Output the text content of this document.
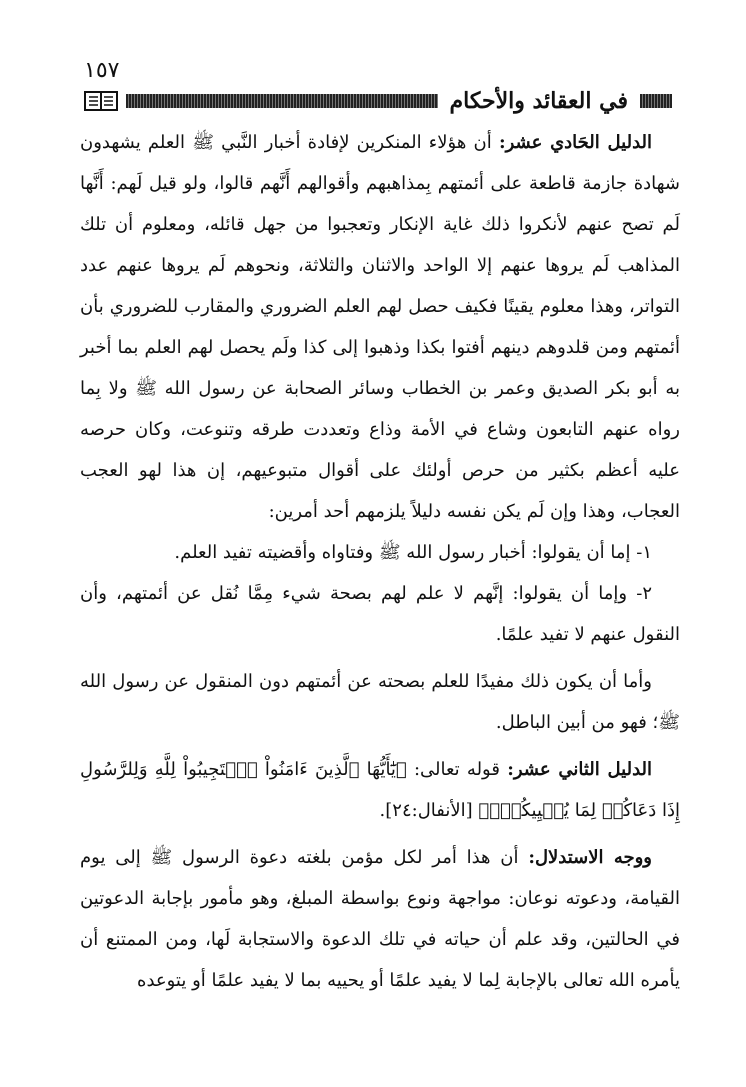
١٥٧
ﻓﻲ العقائد والأحكام

الدليل الحَادي عشر: أن هؤلاء المنكرين لإفادة أخبار النَّبي ﷺ العلم يشهدون شهادة جازمة قاطعة على أئمتهم بِمذاهبهم وأقوالهم أَنَّهم قالوا، ولو قيل لَهم: أَنَّها لَم تصح عنهم لأنكروا ذلك غاية الإنكار وتعجبوا من جهل قائله، ومعلوم أن تلك المذاهب لَم يروها عنهم إلا الواحد والاثنان والثلاثة، ونحوهم لَم يروها عنهم عدد التواتر، وهذا معلوم يقينًا فكيف حصل لهم العلم الضروري والمقارب للضروري بأن أئمتهم ومن قلدوهم دينهم أفتوا بكذا وذهبوا إلى كذا ولَم يحصل لهم العلم بما أخبر به أبو بكر الصديق وعمر بن الخطاب وسائر الصحابة عن رسول الله ﷺ ولا بِما رواه عنهم التابعون وشاع في الأمة وذاع وتعددت طرقه وتنوعت، وكان حرصه عليه أعظم بكثير من حرص أولئك على أقوال متبوعيهم، إن هذا لهو العجب العجاب، وهذا وإن لَم يكن نفسه دليلاً يلزمهم أحد أمرين:

١- إما أن يقولوا: أخبار رسول الله ﷺ وفتاواه وأقضيته تفيد العلم.

٢- وإما أن يقولوا: إنَّهم لا علم لهم بصحة شيء مِمَّا نُقل عن أئمتهم، وأن النقول عنهم لا تفيد علمًا.

وأما أن يكون ذلك مفيدًا للعلم بصحته عن أئمتهم دون المنقول عن رسول الله ﷺ؛ فهو من أبين الباطل.

الدليل الثاني عشر: قوله تعالى: ﴿يَٰٓأَيُّهَا ٱلَّذِينَ ءَامَنُواْ ٱسۡتَجِيبُواْ لِلَّهِ وَلِلرَّسُولِ إِذَا دَعَاكُمۡ لِمَا يُحۡيِيكُمۡۖ﴾ [الأنفال:٢٤].

ووجه الاستدلال: أن هذا أمر لكل مؤمن بلغته دعوة الرسول ﷺ إلى يوم القيامة، ودعوته نوعان: مواجهة ونوع بواسطة المبلغ، وهو مأمور بإجابة الدعوتين في الحالتين، وقد علم أن حياته في تلك الدعوة والاستجابة لَها، ومن الممتنع أن يأمره الله تعالى بالإجابة لِما لا يفيد علمًا أو يحييه بما لا يفيد علمًا أو يتوعده
